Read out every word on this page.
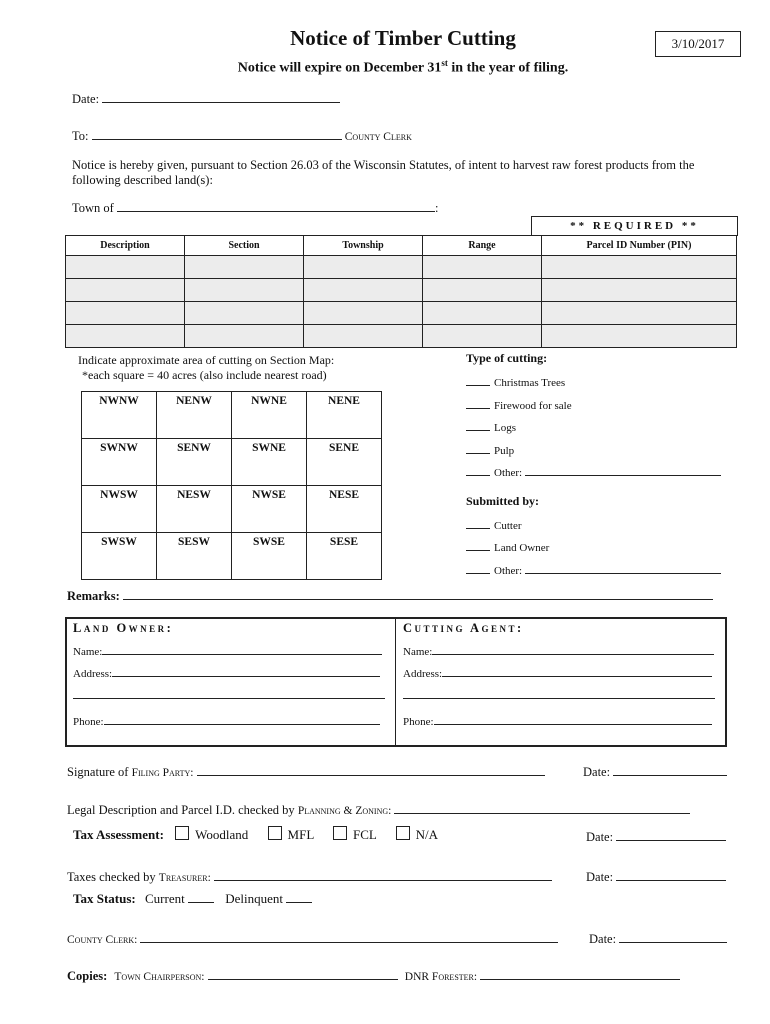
Notice of Timber Cutting	3/10/2017
Notice will expire on December 31st in the year of filing.
Date:
To:	County Clerk
Notice is hereby given, pursuant to Section 26.03 of the Wisconsin Statutes, of intent to harvest raw forest products from the following described land(s):
Town of	:
** REQUIRED **
Description	Section	Township	Range	Parcel ID Number (PIN)

Indicate approximate area of cutting on Section Map:
*each square = 40 acres (also include nearest road)
NWNW	NENW	NWNE	NENE
SWNW	SENW	SWNE	SENE
NWSW	NESW	NWSE	NESE
SWSW	SESW	SWSE	SESE
Type of cutting:
Christmas Trees
Firewood for sale
Logs
Pulp
Other:
Submitted by:
Cutter
Land Owner
Other:
Remarks:
Land Owner:
Name:
Address:
Phone:
Cutting Agent:
Name:
Address:
Phone:
Signature of Filing Party:	Date:
Legal Description and Parcel I.D. checked by Planning & Zoning:
Tax Assessment: Woodland	MFL	FCL	N/A	Date:
Taxes checked by Treasurer:	Date:
Tax Status: Current	Delinquent
County Clerk:	Date:
Copies: Town Chairperson:	DNR Forester:
